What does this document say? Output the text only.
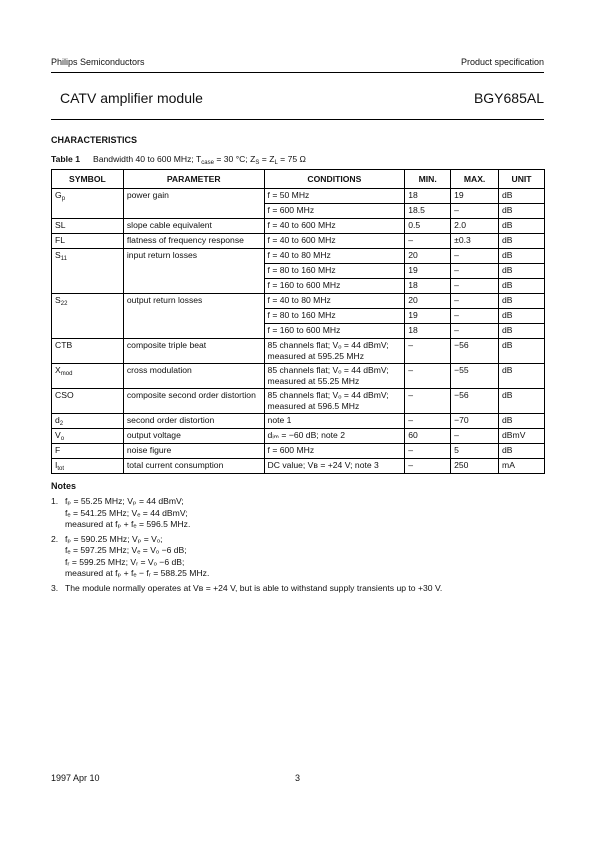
Philips Semiconductors	Product specification
CATV amplifier module	BGY685AL
CHARACTERISTICS
Table 1 Bandwidth 40 to 600 MHz; $T_{case} = 30$ °C; $Z_S = Z_L = 75$ Ω
SYMBOL	PARAMETER	CONDITIONS	MIN.	MAX.	UNIT
$G_p$	power gain	f = 50 MHz	18	19	dB
		f = 600 MHz	18.5	–	dB
SL	slope cable equivalent	f = 40 to 600 MHz	0.5	2.0	dB
FL	flatness of frequency response	f = 40 to 600 MHz	–	±0.3	dB
$S_{11}$	input return losses	f = 40 to 80 MHz	20	–	dB
		f = 80 to 160 MHz	19	–	dB
		f = 160 to 600 MHz	18	–	dB
$S_{22}$	output return losses	f = 40 to 80 MHz	20	–	dB
		f = 80 to 160 MHz	19	–	dB
		f = 160 to 600 MHz	18	–	dB
CTB	composite triple beat	85 channels flat; Vₒ = 44 dBmV; measured at 595.25 MHz	–	−56	dB
$X_{mod}$	cross modulation	85 channels flat; Vₒ = 44 dBmV; measured at 55.25 MHz	–	−55	dB
CSO	composite second order distortion	85 channels flat; Vₒ = 44 dBmV; measured at 596.5 MHz	–	−56	dB
$d_2$	second order distortion	note 1	–	−70	dB
$V_o$	output voltage	dᵢₘ = −60 dB; note 2	60	–	dBmV
F	noise figure	f = 600 MHz	–	5	dB
$I_{tot}$	total current consumption	DC value; Vʙ = +24 V; note 3	–	250	mA
Notes
1. fₚ = 55.25 MHz; Vₚ = 44 dBmV;
fₑ = 541.25 MHz; Vₑ = 44 dBmV;
measured at fₚ + fₑ = 596.5 MHz.
2. fₚ = 590.25 MHz; Vₚ = Vₒ;
fₑ = 597.25 MHz; Vₑ = Vₒ −6 dB;
fᵣ = 599.25 MHz; Vᵣ = Vₒ −6 dB;
measured at fₚ + fₑ − fᵣ = 588.25 MHz.
3. The module normally operates at Vʙ = +24 V, but is able to withstand supply transients up to +30 V.
1997 Apr 10	3
